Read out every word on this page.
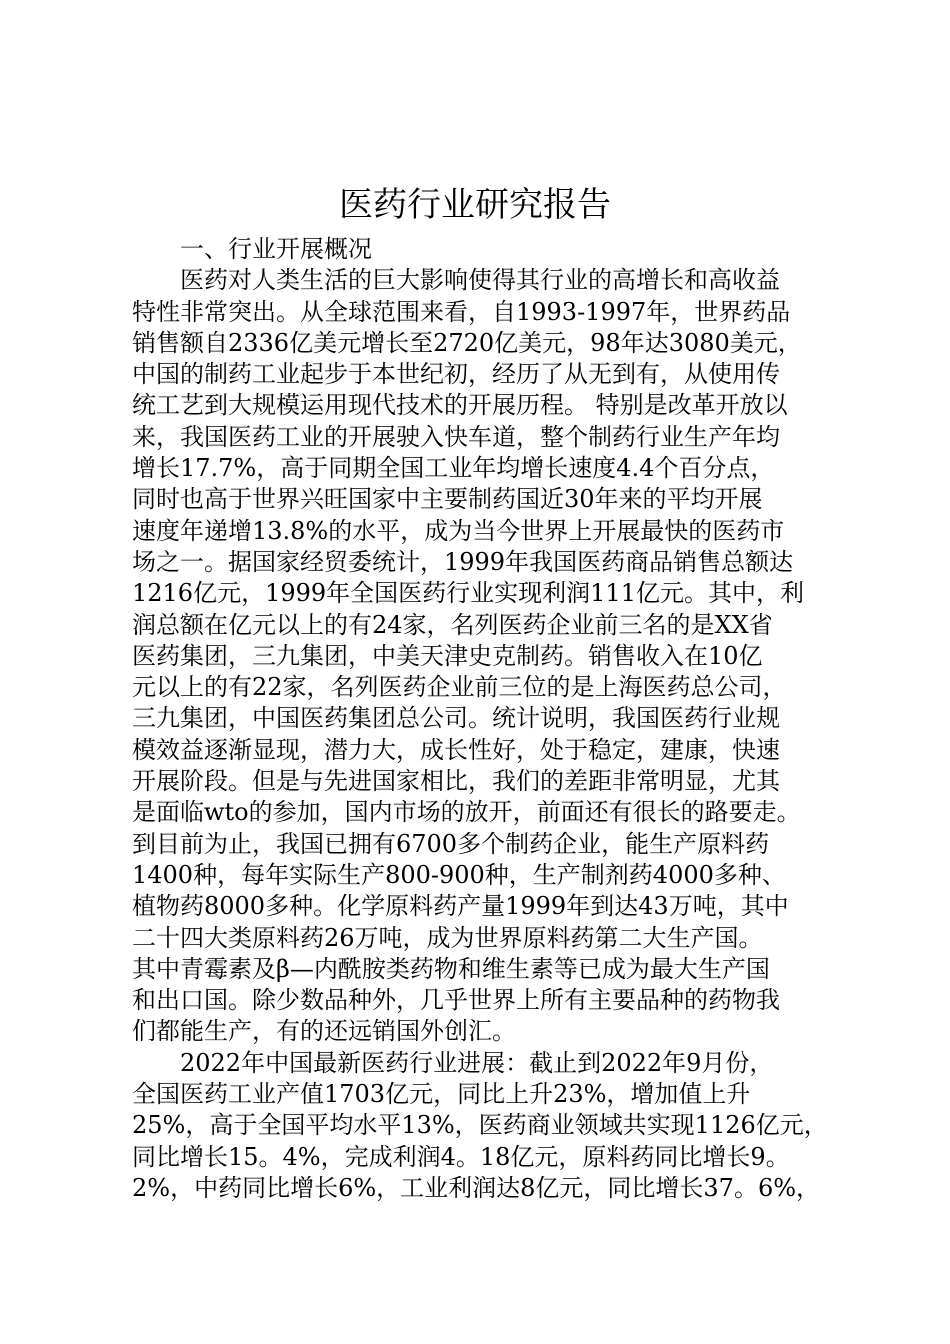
医药行业研究报告
一、行业开展概况
医药对人类生活的巨大影响使得其行业的高增长和高收益
特性非常突出。从全球范围来看，自1993-1997年，世界药品
销售额自2336亿美元增长至2720亿美元，98年达3080美元，
中国的制药工业起步于本世纪初，经历了从无到有，从使用传
统工艺到大规模运用现代技术的开展历程。 特别是改革开放以
来，我国医药工业的开展驶入快车道，整个制药行业生产年均
增长17.7%，高于同期全国工业年均增长速度4.4个百分点，
同时也高于世界兴旺国家中主要制药国近30年来的平均开展
速度年递增13.8%的水平，成为当今世界上开展最快的医药市
场之一。据国家经贸委统计，1999年我国医药商品销售总额达
1216亿元，1999年全国医药行业实现利润111亿元。其中，利
润总额在亿元以上的有24家，名列医药企业前三名的是XX省
医药集团，三九集团，中美天津史克制药。销售收入在10亿
元以上的有22家，名列医药企业前三位的是上海医药总公司，
三九集团，中国医药集团总公司。统计说明，我国医药行业规
模效益逐渐显现，潜力大，成长性好，处于稳定，建康，快速
开展阶段。但是与先进国家相比，我们的差距非常明显，尤其
是面临wto的参加，国内市场的放开，前面还有很长的路要走。
到目前为止，我国已拥有6700多个制药企业，能生产原料药
1400种，每年实际生产800-900种，生产制剂药4000多种、
植物药8000多种。化学原料药产量1999年到达43万吨，其中
二十四大类原料药26万吨，成为世界原料药第二大生产国。
其中青霉素及β—内酰胺类药物和维生素等已成为最大生产国
和出口国。除少数品种外，几乎世界上所有主要品种的药物我
们都能生产，有的还远销国外创汇。
2022年中国最新医药行业进展：截止到2022年9月份，
全国医药工业产值1703亿元，同比上升23%，增加值上升
25%，高于全国平均水平13%，医药商业领域共实现1126亿元，
同比增长15。4%，完成利润4。18亿元，原料药同比增长9。
2%，中药同比增长6%，工业利润达8亿元，同比增长37。6%，
